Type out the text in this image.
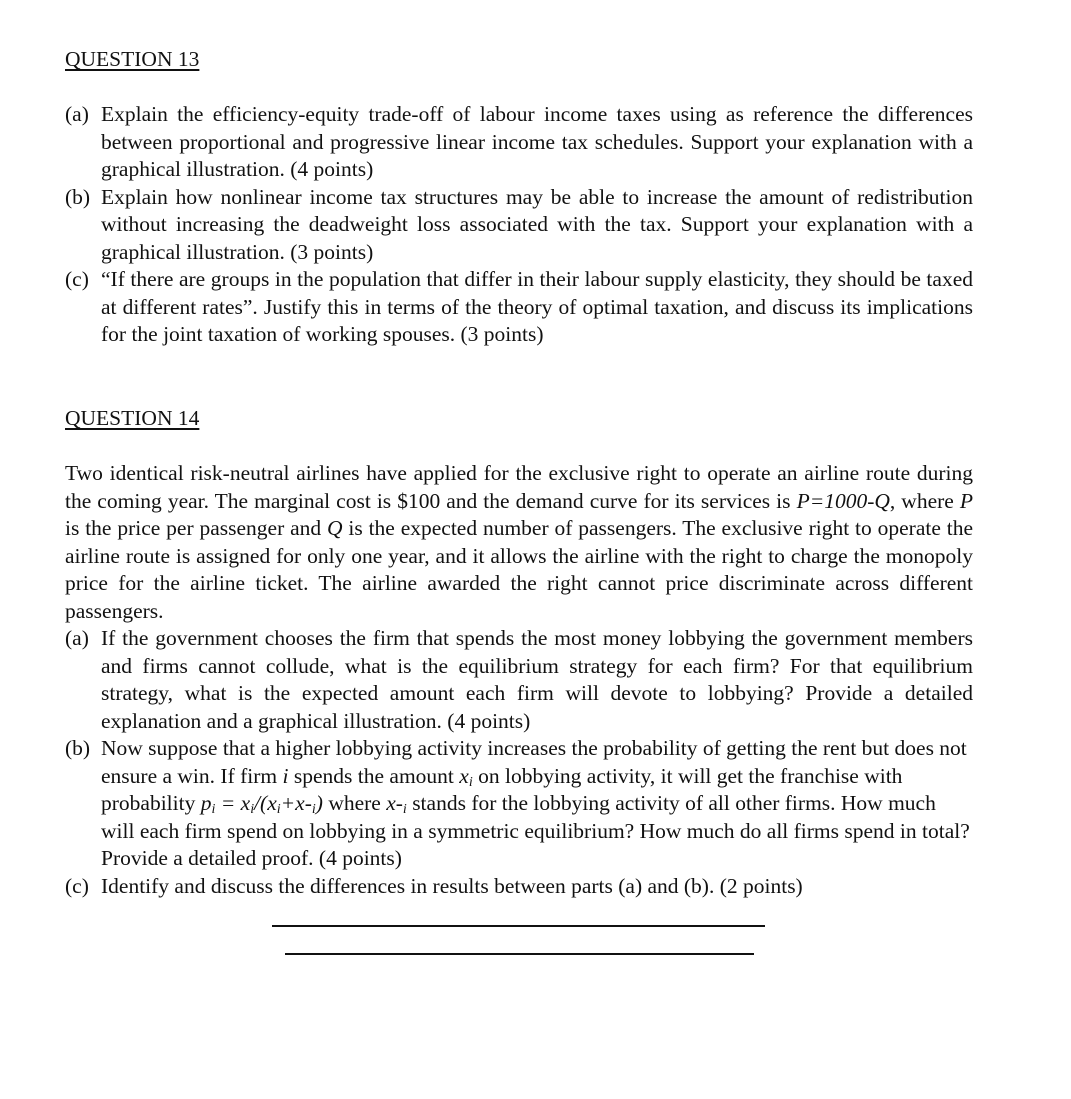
QUESTION 13
(a) Explain the efficiency-equity trade-off of labour income taxes using as reference the differences between proportional and progressive linear income tax schedules. Support your explanation with a graphical illustration. (4 points)
(b) Explain how nonlinear income tax structures may be able to increase the amount of redistribution without increasing the deadweight loss associated with the tax. Support your explanation with a graphical illustration. (3 points)
(c) “If there are groups in the population that differ in their labour supply elasticity, they should be taxed at different rates”. Justify this in terms of the theory of optimal taxation, and discuss its implications for the joint taxation of working spouses. (3 points)
QUESTION 14

Two identical risk-neutral airlines have applied for the exclusive right to operate an airline route during the coming year. The marginal cost is $100 and the demand curve for its services is P=1000-Q, where P is the price per passenger and Q is the expected number of passengers. The exclusive right to operate the airline route is assigned for only one year, and it allows the airline with the right to charge the monopoly price for the airline ticket. The airline awarded the right cannot price discriminate across different passengers.

(a) If the government chooses the firm that spends the most money lobbying the government members and firms cannot collude, what is the equilibrium strategy for each firm? For that equilibrium strategy, what is the expected amount each firm will devote to lobbying? Provide a detailed explanation and a graphical illustration. (4 points)
(b) Now suppose that a higher lobbying activity increases the probability of getting the rent but does not ensure a win. If firm i spends the amount $x_i$ on lobbying activity, it will get the franchise with probability $p_i = x_i/(x_i+x-_i)$ where $x-_i$ stands for the lobbying activity of all other firms. How much will each firm spend on lobbying in a symmetric equilibrium? How much do all firms spend in total? Provide a detailed proof. (4 points)
(c) Identify and discuss the differences in results between parts (a) and (b). (2 points)
